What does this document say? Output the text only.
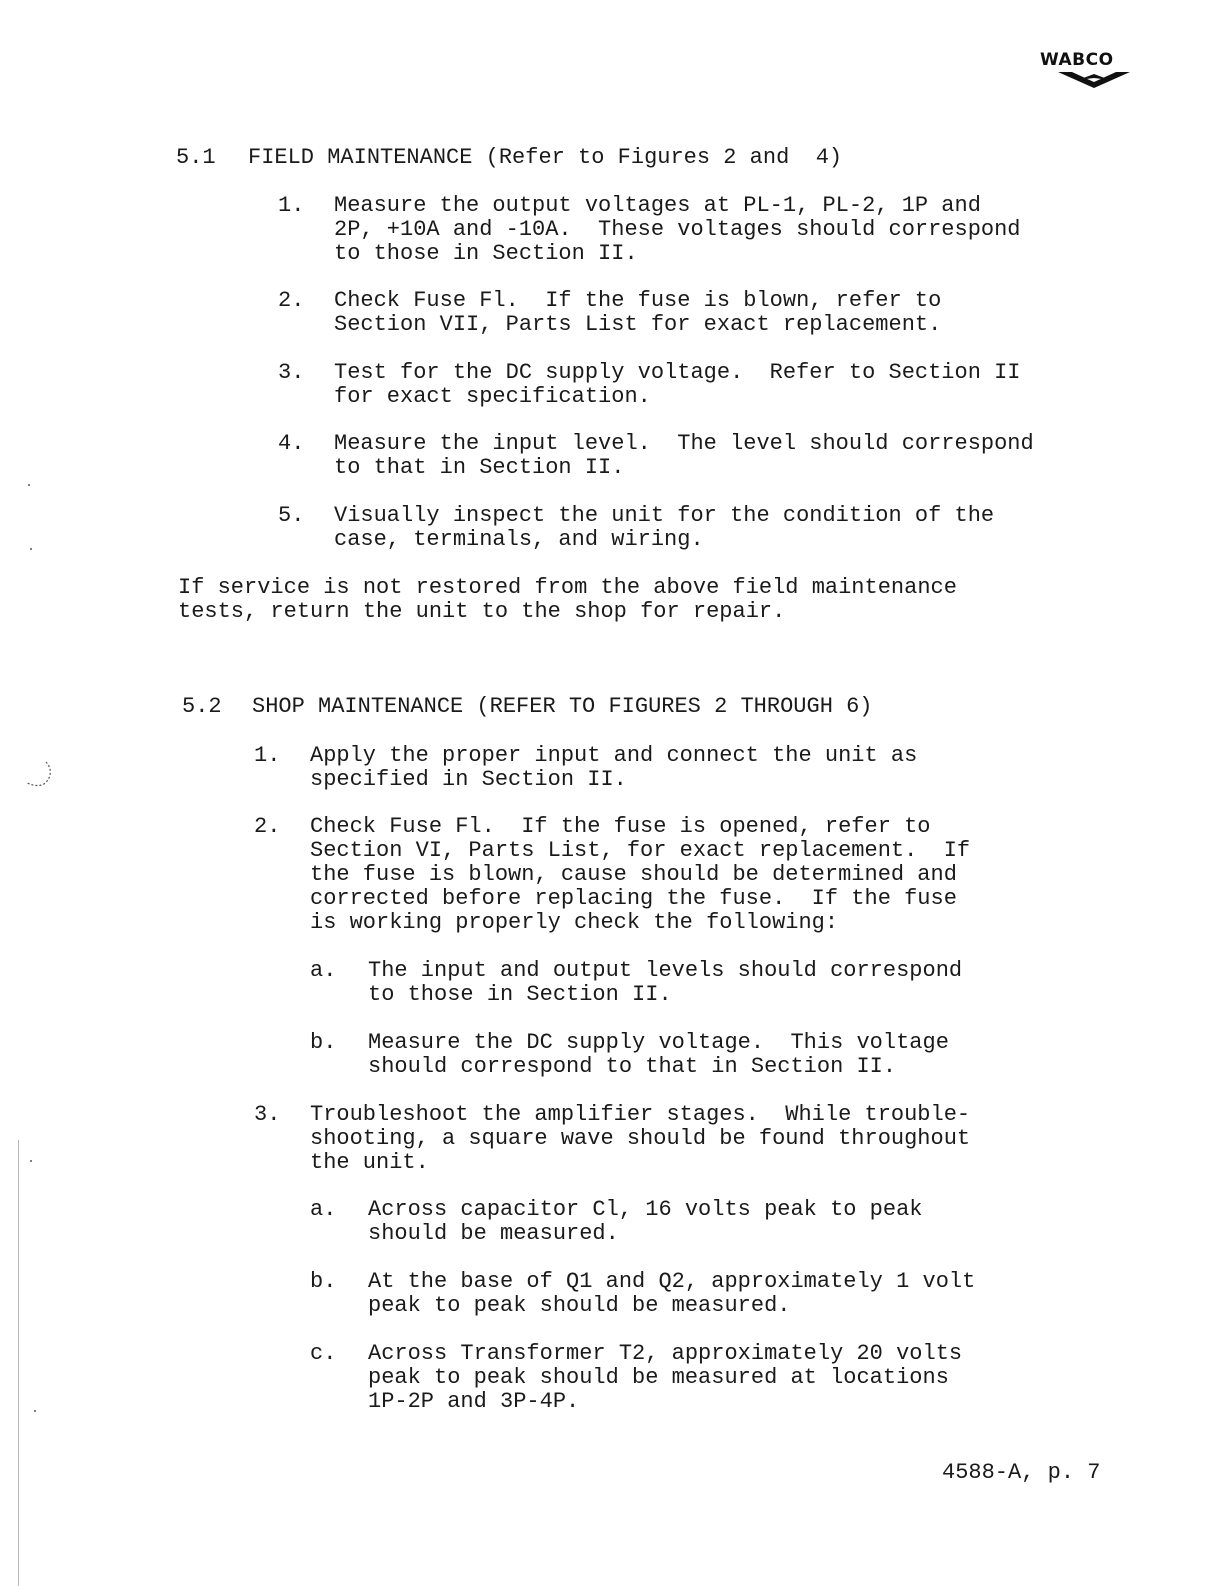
WABCO
5.1 FIELD MAINTENANCE (Refer to Figures 2 and  4)
1. Measure the output voltages at PL-1, PL-2, 1P and
2P, +10A and -10A.  These voltages should correspond
to those in Section II.
2. Check Fuse Fl.  If the fuse is blown, refer to
Section VII, Parts List for exact replacement.
3. Test for the DC supply voltage.  Refer to Section II
for exact specification.
4. Measure the input level.  The level should correspond
to that in Section II.
5. Visually inspect the unit for the condition of the
case, terminals, and wiring.
If service is not restored from the above field maintenance
tests, return the unit to the shop for repair.
5.2 SHOP MAINTENANCE (REFER TO FIGURES 2 THROUGH 6)
1. Apply the proper input and connect the unit as
specified in Section II.
2. Check Fuse Fl.  If the fuse is opened, refer to
Section VI, Parts List, for exact replacement.  If
the fuse is blown, cause should be determined and
corrected before replacing the fuse.  If the fuse
is working properly check the following:
a. The input and output levels should correspond
to those in Section II.
b. Measure the DC supply voltage.  This voltage
should correspond to that in Section II.
3. Troubleshoot the amplifier stages.  While trouble-
shooting, a square wave should be found throughout
the unit.
a. Across capacitor Cl, 16 volts peak to peak
should be measured.
b. At the base of Q1 and Q2, approximately 1 volt
peak to peak should be measured.
c. Across Transformer T2, approximately 20 volts
peak to peak should be measured at locations
1P-2P and 3P-4P.
4588-A, p. 7
